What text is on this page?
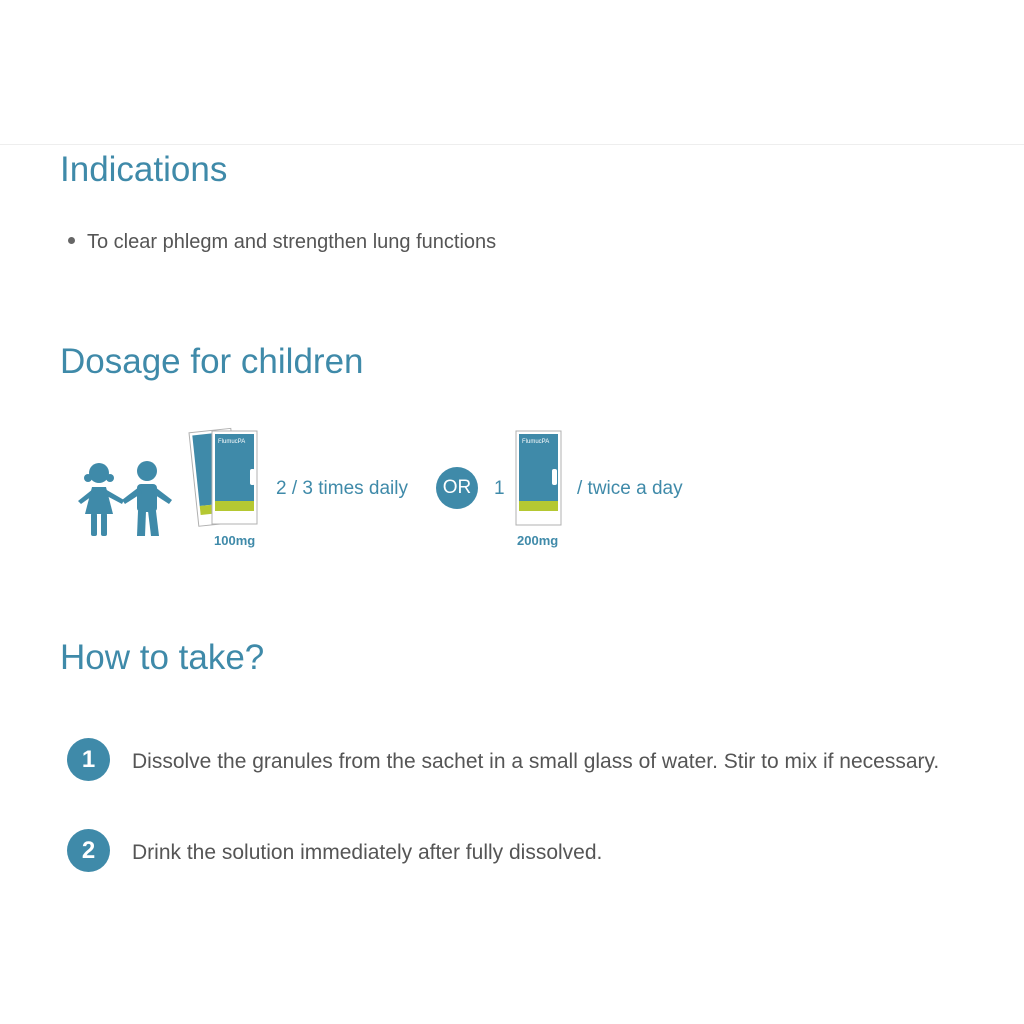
Indications
To clear phlegm and strengthen lung functions
Dosage for children
FlumucPA
100mg
2 / 3 times daily	OR	1
FlumucPA
200mg
/ twice a day
How to take?
1	Dissolve the granules from the sachet in a small glass of water. Stir to mix if necessary.
2	Drink the solution immediately after fully dissolved.
